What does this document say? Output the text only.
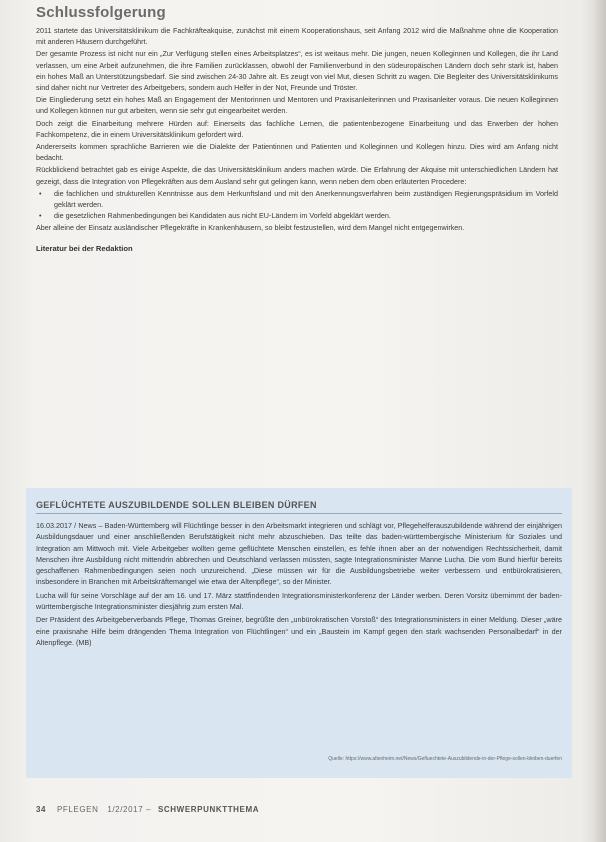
Schlussfolgerung

2011 startete das Universitätsklinikum die Fachkräfteakquise, zunächst mit einem Kooperationshaus, seit Anfang 2012 wird die Maßnahme ohne die Kooperation mit anderen Häusern durchgeführt.

Der gesamte Prozess ist nicht nur ein „Zur Verfügung stellen eines Arbeitsplatzes“, es ist weitaus mehr. Die jungen, neuen Kolleginnen und Kollegen, die ihr Land verlassen, um eine Arbeit aufzunehmen, die ihre Familien zurücklassen, obwohl der Familienverbund in den südeuropäischen Ländern doch sehr stark ist, haben ein hohes Maß an Unterstützungsbedarf. Sie sind zwischen 24-30 Jahre alt. Es zeugt von viel Mut, diesen Schritt zu wagen. Die Begleiter des Universitätsklinikums sind daher nicht nur Vertreter des Arbeitgebers, sondern auch Helfer in der Not, Freunde und Tröster.

Die Eingliederung setzt ein hohes Maß an Engagement der Mentorinnen und Mentoren und Praxisanleiterinnen und Praxisanleiter voraus. Die neuen Kolleginnen und Kollegen können nur gut arbeiten, wenn sie sehr gut eingearbeitet werden.

Doch zeigt die Einarbeitung mehrere Hürden auf: Einerseits das fachliche Lernen, die patientenbezogene Einarbeitung und das Erwerben der hohen Fachkompetenz, die in einem Universitätsklinikum gefordert wird.

Andererseits kommen sprachliche Barrieren wie die Dialekte der Patientinnen und Patienten und Kolleginnen und Kollegen hinzu. Dies wird am Anfang nicht bedacht.

Rückblickend betrachtet gab es einige Aspekte, die das Universitätsklinikum anders machen würde. Die Erfahrung der Akquise mit unterschiedlichen Ländern hat gezeigt, dass die Integration von Pflegekräften aus dem Ausland sehr gut gelingen kann, wenn neben dem oben erläuterten Procedere:

• die fachlichen und strukturellen Kenntnisse aus dem Herkunftsland und mit den Anerkennungsverfahren beim zuständigen Regierungspräsidium im Vorfeld geklärt werden.
• die gesetzlichen Rahmenbedingungen bei Kandidaten aus nicht EU-Ländern im Vorfeld abgeklärt werden.

Aber alleine der Einsatz ausländischer Pflegekräfte in Krankenhäusern, so bleibt festzustellen, wird dem Mangel nicht entgegenwirken.

Literatur bei der Redaktion
GEFLÜCHTETE AUSZUBILDENDE SOLLEN BLEIBEN DÜRFEN

16.03.2017 / News – Baden-Württemberg will Flüchtlinge besser in den Arbeitsmarkt integrieren und schlägt vor, Pflegehelferauszubildende während der einjährigen Ausbildungsdauer und einer anschließenden Berufstätigkeit nicht mehr abzuschieben. Das teilte das baden-württembergische Ministerium für Soziales und Integration am Mittwoch mit. Viele Arbeitgeber wollten gerne geflüchtete Menschen einstellen, es fehle ihnen aber an der notwendigen Rechtssicherheit, damit Menschen ihre Ausbildung nicht mittendrin abbrechen und Deutschland verlassen müssten, sagte Integrationsminister Manne Lucha. Die vom Bund hierfür bereits geschaffenen Rahmenbedingungen seien noch unzureichend. „Diese müssen wir für die Ausbildungsbetriebe weiter verbessern und entbürokratisieren, insbesondere in Branchen mit Arbeitskräftemangel wie etwa der Altenpflege“, so der Minister.

Lucha will für seine Vorschläge auf der am 16. und 17. März stattfindenden Integrationsministerkonferenz der Länder werben. Deren Vorsitz übernimmt der baden-württembergische Integrationsminister diesjährig zum ersten Mal.

Der Präsident des Arbeitgeberverbands Pflege, Thomas Greiner, begrüßte den „unbürokratischen Vorstoß“ des Integrationsministers in einer Meldung. Dieser „wäre eine praxisnahe Hilfe beim drängenden Thema Integration von Flüchtlingen“ und ein „Baustein im Kampf gegen den stark wachsenden Personalbedarf“ in der Altenpflege. (MB)

Quelle: https://www.altenheim.net/News/Gefluechtete-Auszubildende-in-der-Pflege-sollen-bleiben-duerfen
34 PFLEGEN 1/2/2017 – SCHWERPUNKTTHEMA
